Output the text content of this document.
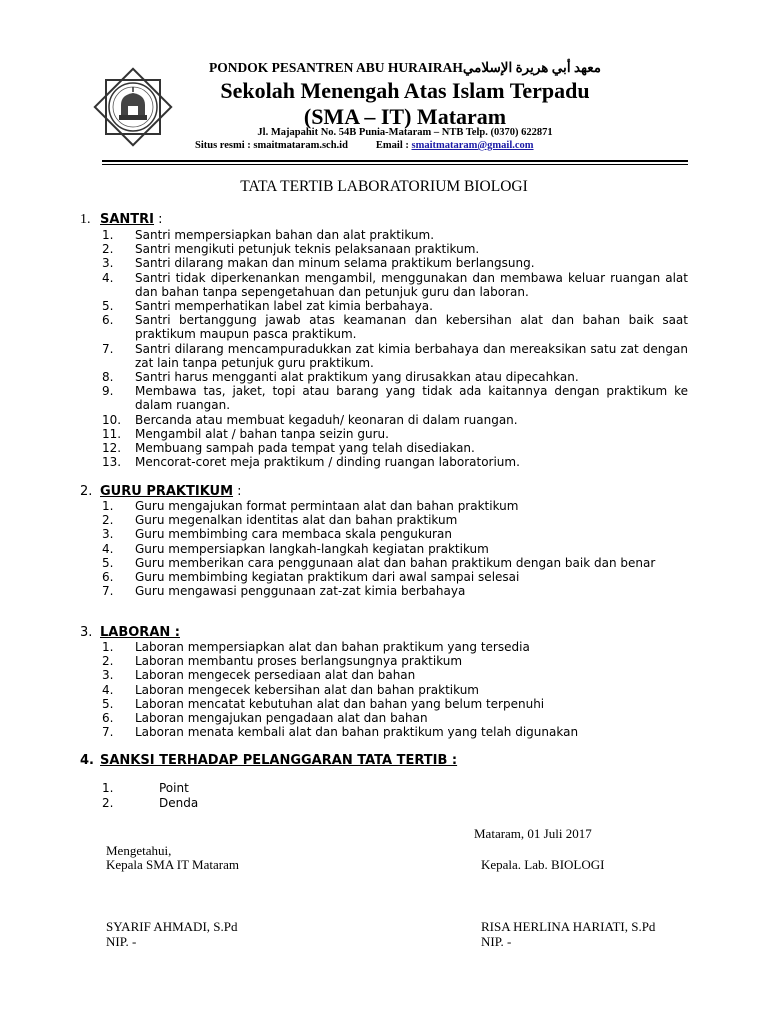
PONDOK PESANTREN ABU HURAIRAHمعهد أبي هريرة الإسلامي
Sekolah Menengah Atas Islam Terpadu
(SMA – IT) Mataram
Jl. Majapahit No. 54B Punia-Mataram – NTB Telp. (0370) 622871
Situs resmi : smaitmataram.sch.id	Email : smaitmataram@gmail.com
TATA TERTIB LABORATORIUM BIOLOGI
1. SANTRI :
1.	Santri mempersiapkan bahan dan alat praktikum.
2.	Santri mengikuti petunjuk teknis pelaksanaan praktikum.
3.	Santri dilarang makan dan minum selama praktikum berlangsung.
4.	Santri tidak diperkenankan mengambil, menggunakan dan membawa keluar ruangan alat dan bahan tanpa sepengetahuan dan petunjuk guru dan laboran.
5.	Santri memperhatikan label zat kimia berbahaya.
6.	Santri bertanggung jawab atas keamanan dan kebersihan alat dan bahan baik saat praktikum maupun pasca praktikum.
7.	Santri dilarang mencampuradukkan zat kimia berbahaya dan mereaksikan satu zat dengan zat lain tanpa petunjuk guru praktikum.
8.	Santri harus mengganti alat praktikum yang dirusakkan atau dipecahkan.
9.	Membawa tas, jaket, topi atau barang yang tidak ada kaitannya dengan praktikum ke dalam ruangan.
10.	Bercanda atau membuat kegaduh/ keonaran di dalam ruangan.
11.	Mengambil alat / bahan tanpa seizin guru.
12.	Membuang sampah pada tempat yang telah disediakan.
13.	Mencorat-coret meja praktikum / dinding ruangan laboratorium.
2. GURU PRAKTIKUM :
1.	Guru mengajukan format permintaan alat dan bahan praktikum
2.	Guru megenalkan identitas alat dan bahan praktikum
3.	Guru membimbing cara membaca skala pengukuran
4.	Guru mempersiapkan langkah-langkah kegiatan praktikum
5.	Guru memberikan cara penggunaan alat dan bahan praktikum dengan baik dan benar
6.	Guru membimbing kegiatan praktikum dari awal sampai selesai
7.	Guru mengawasi penggunaan zat-zat kimia berbahaya
3. LABORAN :
1.	Laboran mempersiapkan alat dan bahan praktikum yang tersedia
2.	Laboran membantu proses berlangsungnya praktikum
3.	Laboran mengecek persediaan alat dan bahan
4.	Laboran mengecek kebersihan alat dan bahan praktikum
5.	Laboran mencatat kebutuhan alat dan bahan yang belum terpenuhi
6.	Laboran mengajukan pengadaan alat dan bahan
7.	Laboran menata kembali alat dan bahan praktikum yang telah digunakan
4. SANKSI TERHADAP PELANGGARAN TATA TERTIB :
1.	Point
2.	Denda
Mataram, 01 Juli 2017
Mengetahui,
Kepala SMA IT Mataram	Kepala. Lab. BIOLOGI
SYARIF AHMADI, S.Pd
NIP. -
RISA HERLINA HARIATI, S.Pd
NIP. -
